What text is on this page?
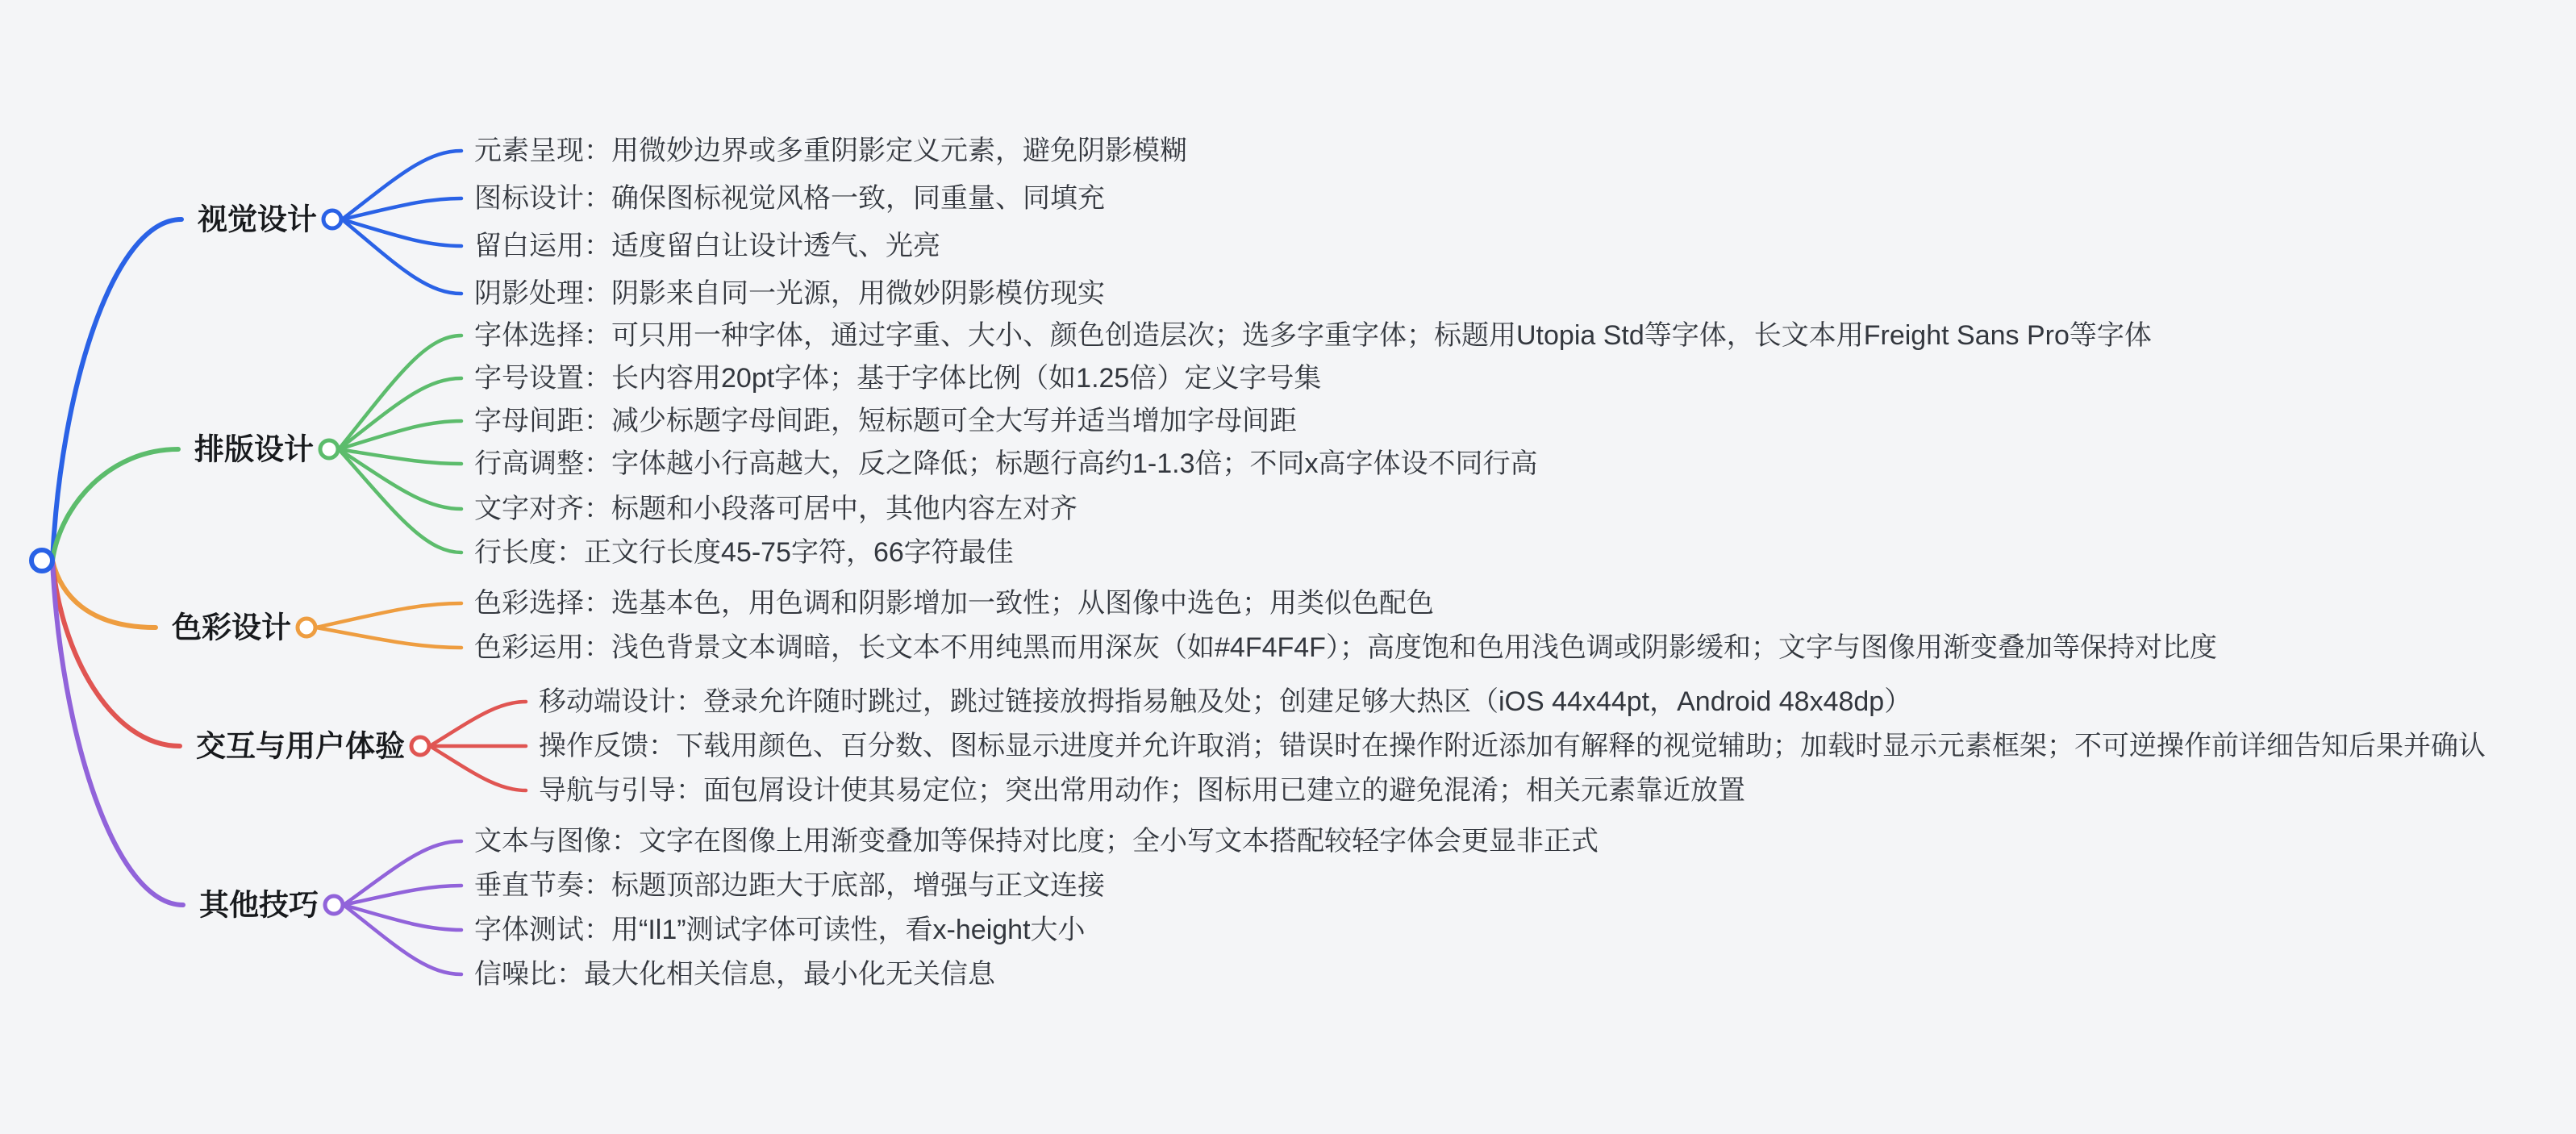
视觉设计
元素呈现：用微妙边界或多重阴影定义元素，避免阴影模糊
图标设计：确保图标视觉风格一致，同重量、同填充
留白运用：适度留白让设计透气、光亮
阴影处理：阴影来自同一光源，用微妙阴影模仿现实
排版设计
字体选择：可只用一种字体，通过字重、大小、颜色创造层次；选多字重字体；标题用Utopia Std等字体，长文本用Freight Sans Pro等字体
字号设置：长内容用20pt字体；基于字体比例（如1.25倍）定义字号集
字母间距：减少标题字母间距，短标题可全大写并适当增加字母间距
行高调整：字体越小行高越大，反之降低；标题行高约1-1.3倍；不同x高字体设不同行高
文字对齐：标题和小段落可居中，其他内容左对齐
行长度：正文行长度45-75字符，66字符最佳
色彩设计
色彩选择：选基本色，用色调和阴影增加一致性；从图像中选色；用类似色配色
色彩运用：浅色背景文本调暗，长文本不用纯黑而用深灰（如#4F4F4F）；高度饱和色用浅色调或阴影缓和；文字与图像用渐变叠加等保持对比度
交互与用户体验
移动端设计：登录允许随时跳过，跳过链接放拇指易触及处；创建足够大热区（iOS 44x44pt，Android 48x48dp）
操作反馈：下载用颜色、百分数、图标显示进度并允许取消；错误时在操作附近添加有解释的视觉辅助；加载时显示元素框架；不可逆操作前详细告知后果并确认
导航与引导：面包屑设计使其易定位；突出常用动作；图标用已建立的避免混淆；相关元素靠近放置
其他技巧
文本与图像：文字在图像上用渐变叠加等保持对比度；全小写文本搭配较轻字体会更显非正式
垂直节奏：标题顶部边距大于底部，增强与正文连接
字体测试：用“Il1”测试字体可读性，看x-height大小
信噪比：最大化相关信息，最小化无关信息
